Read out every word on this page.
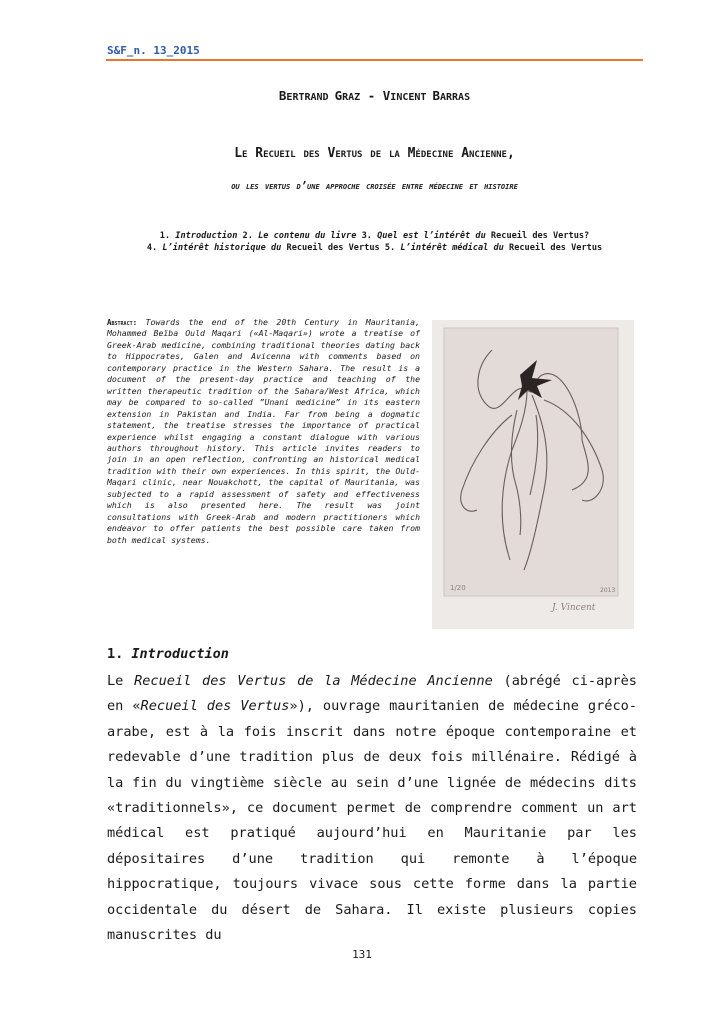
S&F_n. 13_2015
BERTRAND GRAZ - VINCENT BARRAS
Le Recueil des Vertus de la Médecine Ancienne,
ou les vertus d’une approche croisée entre médecine et histoire
1. Introduction 2. Le contenu du livre 3. Quel est l’intérêt du Recueil des Vertus?
4. L’intérêt historique du Recueil des Vertus 5. L’intérêt médical du Recueil des Vertus
Abstract: Towards the end of the 20th Century in Mauritania, Mohammed Beïba Ould Maqari («Al-Maqari») wrote a treatise of Greek-Arab medicine, combining traditional theories dating back to Hippocrates, Galen and Avicenna with comments based on contemporary practice in the Western Sahara. The result is a document of the present-day practice and teaching of the written therapeutic tradition of the Sahara/West Africa, which may be compared to so-called ”Unani medicine” in its eastern extension in Pakistan and India. Far from being a dogmatic statement, the treatise stresses the importance of practical experience whilst engaging a constant dialogue with various authors throughout history. This article invites readers to join in an open reflection, confronting an historical medical tradition with their own experiences. In this spirit, the Ould-Maqari clinic, near Nouakchott, the capital of Mauritania, was subjected to a rapid assessment of safety and effectiveness which is also presented here. The result was joint consultations with Greek-Arab and modern practitioners which endeavor to offer patients the best possible care taken from both medical systems.
1/20
J. Vincent
2013
1. Introduction

Le Recueil des Vertus de la Médecine Ancienne (abrégé ci-après en «Recueil des Vertus»), ouvrage mauritanien de médecine gréco-arabe, est à la fois inscrit dans notre époque contemporaine et redevable d’une tradition plus de deux fois millénaire. Rédigé à la fin du vingtième siècle au sein d’une lignée de médecins dits «traditionnels», ce document permet de comprendre comment un art médical est pratiqué aujourd’hui en Mauritanie par les dépositaires d’une tradition qui remonte à l’époque hippocratique, toujours vivace sous cette forme dans la partie occidentale du désert de Sahara. Il existe plusieurs copies manuscrites du

131
